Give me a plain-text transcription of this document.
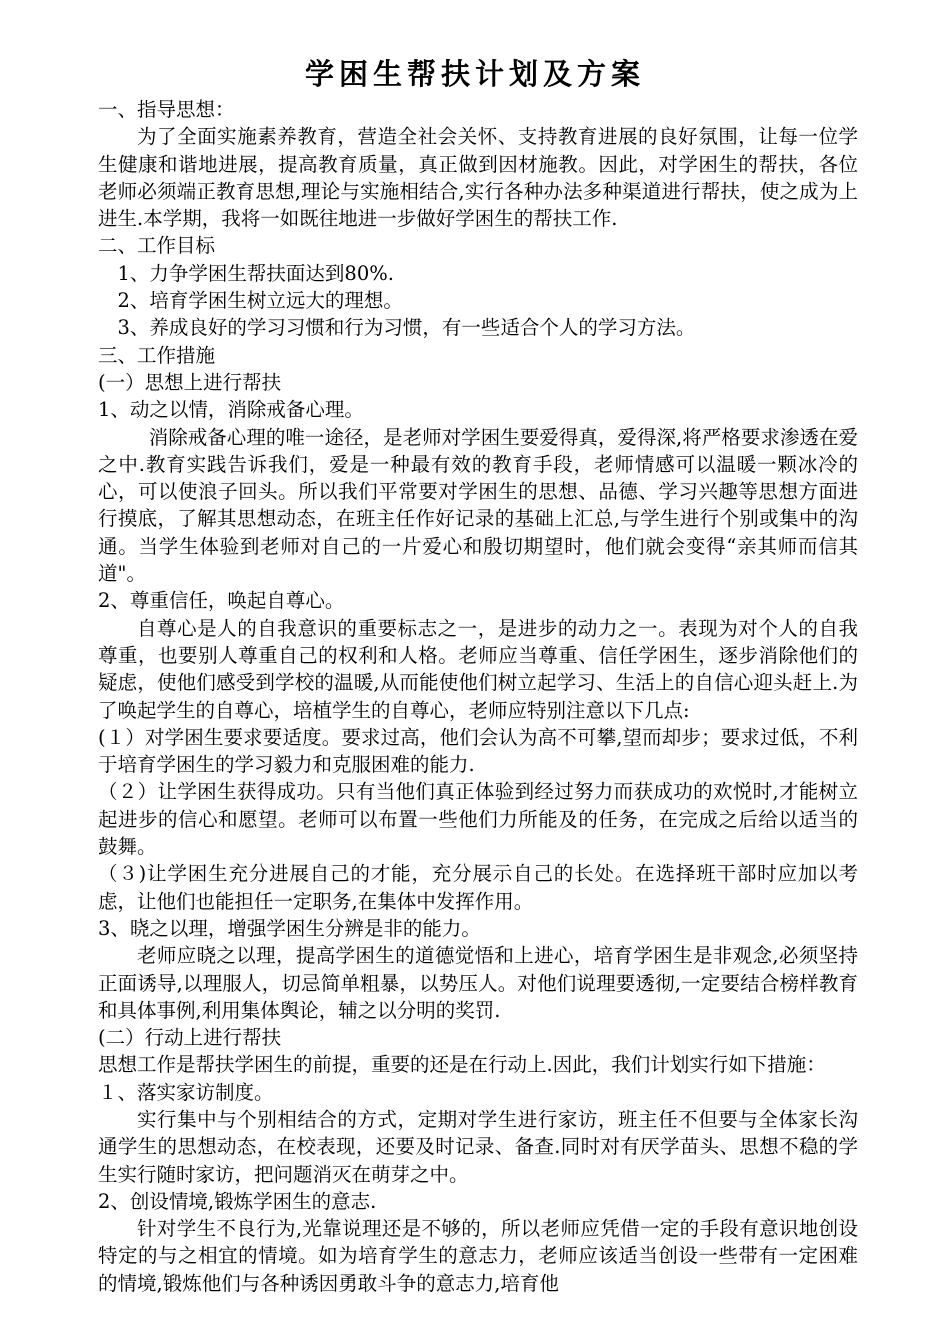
学困生帮扶计划及方案

一、指导思想：

为了全面实施素养教育，营造全社会关怀、支持教育进展的良好氛围，让每一位学生健康和谐地进展，提高教育质量，真正做到因材施教。因此，对学困生的帮扶，各位老师必须端正教育思想,理论与实施相结合,实行各种办法多种渠道进行帮扶，使之成为上进生.本学期，我将一如既往地进一步做好学困生的帮扶工作.

二、工作目标

1、力争学困生帮扶面达到80%.

2、培育学困生树立远大的理想。

3、养成良好的学习习惯和行为习惯，有一些适合个人的学习方法。

三、工作措施

(一）思想上进行帮扶

1、动之以情，消除戒备心理。

消除戒备心理的唯一途径，是老师对学困生要爱得真，爱得深,将严格要求渗透在爱之中.教育实践告诉我们，爱是一种最有效的教育手段，老师情感可以温暖一颗冰冷的心，可以使浪子回头。所以我们平常要对学困生的思想、品德、学习兴趣等思想方面进行摸底，了解其思想动态，在班主任作好记录的基础上汇总,与学生进行个别或集中的沟通。当学生体验到老师对自己的一片爱心和殷切期望时，他们就会变得“亲其师而信其道"。

2、尊重信任，唤起自尊心。

自尊心是人的自我意识的重要标志之一，是进步的动力之一。表现为对个人的自我尊重，也要别人尊重自己的权利和人格。老师应当尊重、信任学困生，逐步消除他们的疑虑，使他们感受到学校的温暖,从而能使他们树立起学习、生活上的自信心迎头赶上.为了唤起学生的自尊心，培植学生的自尊心，老师应特别注意以下几点:

(１）对学困生要求要适度。要求过高，他们会认为高不可攀,望而却步；要求过低，不利于培育学困生的学习毅力和克服困难的能力.

（２）让学困生获得成功。只有当他们真正体验到经过努力而获成功的欢悦时,才能树立起进步的信心和愿望。老师可以布置一些他们力所能及的任务，在完成之后给以适当的鼓舞。

（３)让学困生充分进展自己的才能，充分展示自己的长处。在选择班干部时应加以考虑，让他们也能担任一定职务,在集体中发挥作用。

3、晓之以理，增强学困生分辨是非的能力。

老师应晓之以理，提高学困生的道德觉悟和上进心，培育学困生是非观念,必须坚持正面诱导,以理服人，切忌简单粗暴，以势压人。对他们说理要透彻,一定要结合榜样教育和具体事例,利用集体舆论，辅之以分明的奖罚.

(二）行动上进行帮扶

思想工作是帮扶学困生的前提，重要的还是在行动上.因此，我们计划实行如下措施：

１、落实家访制度。

实行集中与个别相结合的方式，定期对学生进行家访，班主任不但要与全体家长沟通学生的思想动态，在校表现，还要及时记录、备查.同时对有厌学苗头、思想不稳的学生实行随时家访，把问题消灭在萌芽之中。

2、创设情境,锻炼学困生的意志.

针对学生不良行为,光靠说理还是不够的，所以老师应凭借一定的手段有意识地创设特定的与之相宜的情境。如为培育学生的意志力，老师应该适当创设一些带有一定困难的情境,锻炼他们与各种诱因勇敢斗争的意志力,培育他
